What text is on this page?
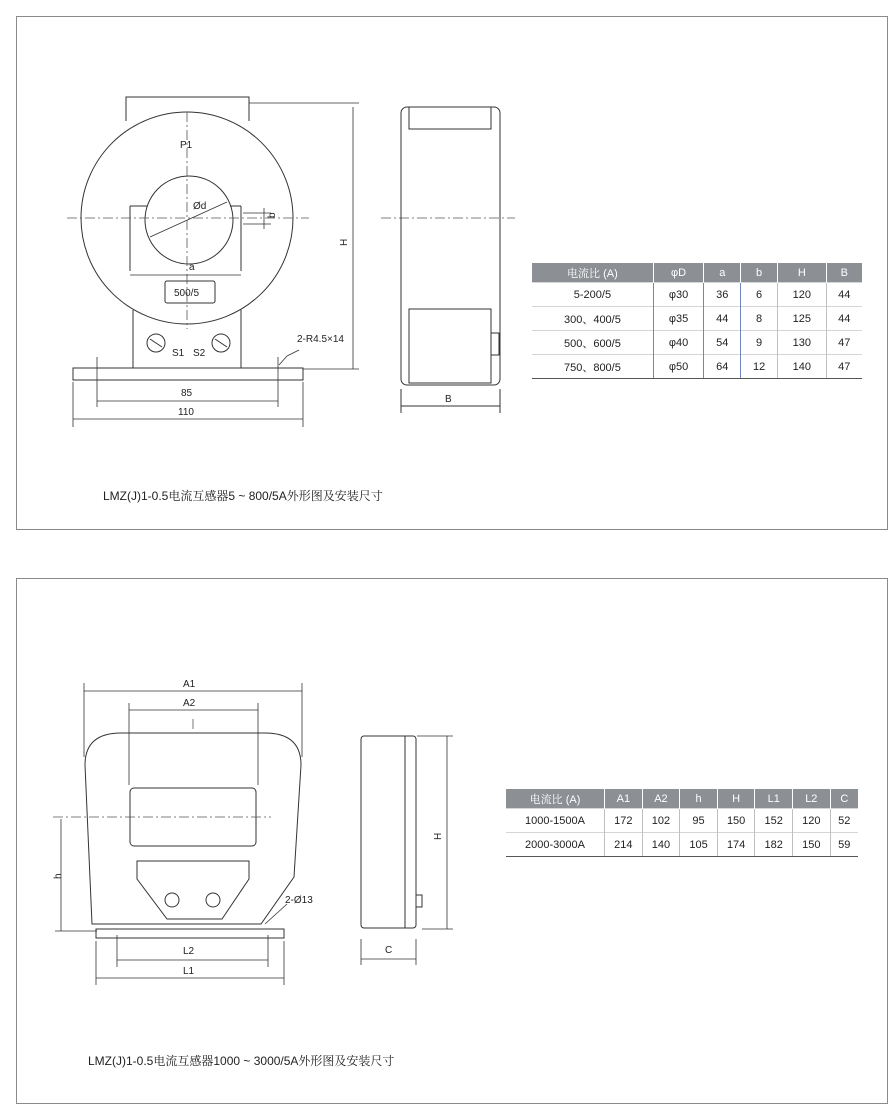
P1
Ød
b
a
500/5
S1 S2
H
2-R4.5×14
85
110
B
电流比 (A)	φD	a	b	H	B
5-200/5	φ30	36	6	120	44
300、400/5	φ35	44	8	125	44
500、600/5	φ40	54	9	130	47
750、800/5	φ50	64	12	140	47
LMZ(J)1-0.5电流互感器5 ~ 800/5A外形图及安装尺寸
A1
A2
h
2-Ø13
L2
L1
H
C
电流比 (A)	A1	A2	h	H	L1	L2	C
1000-1500A	172	102	95	150	152	120	52
2000-3000A	214	140	105	174	182	150	59
LMZ(J)1-0.5电流互感器1000 ~ 3000/5A外形图及安装尺寸
